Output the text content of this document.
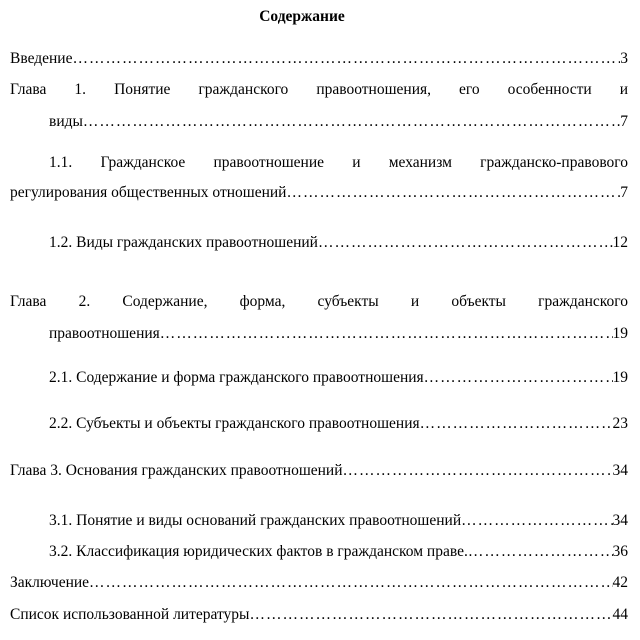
Содержание
Введение ……………………………………………………………………………………………………………………………………………………………	3
Глава 1. Понятие гражданского правоотношения, его особенности и
виды ……………………………………………………………………………………………………………………………………………………………	7
1.1. Гражданское правоотношение и механизм гражданско-правового
регулирования общественных отношений ……………………………………………………………………………………………………………………………………………………………	7
1.2. Виды гражданских правоотношений ……………………………………………………………………………………………………………………………………………………………	12
Глава 2. Содержание, форма, субъекты и объекты гражданского
правоотношения ……………………………………………………………………………………………………………………………………………………………	19
2.1. Содержание и форма гражданского правоотношения ……………………………………………………………………………………………………………………………………………………………	19
2.2. Субъекты и объекты гражданского правоотношения ……………………………………………………………………………………………………………………………………………………………	23
Глава 3. Основания гражданских правоотношений ……………………………………………………………………………………………………………………………………………………………	34
3.1. Понятие и виды оснований гражданских правоотношений ……………………………………………………………………………………………………………………………………………………………	34
3.2. Классификация юридических фактов в гражданском праве. ……………………………………………………………………………………………………………………………………………………………	36
Заключение ……………………………………………………………………………………………………………………………………………………………	42
Список использованной литературы ……………………………………………………………………………………………………………………………………………………………	44
